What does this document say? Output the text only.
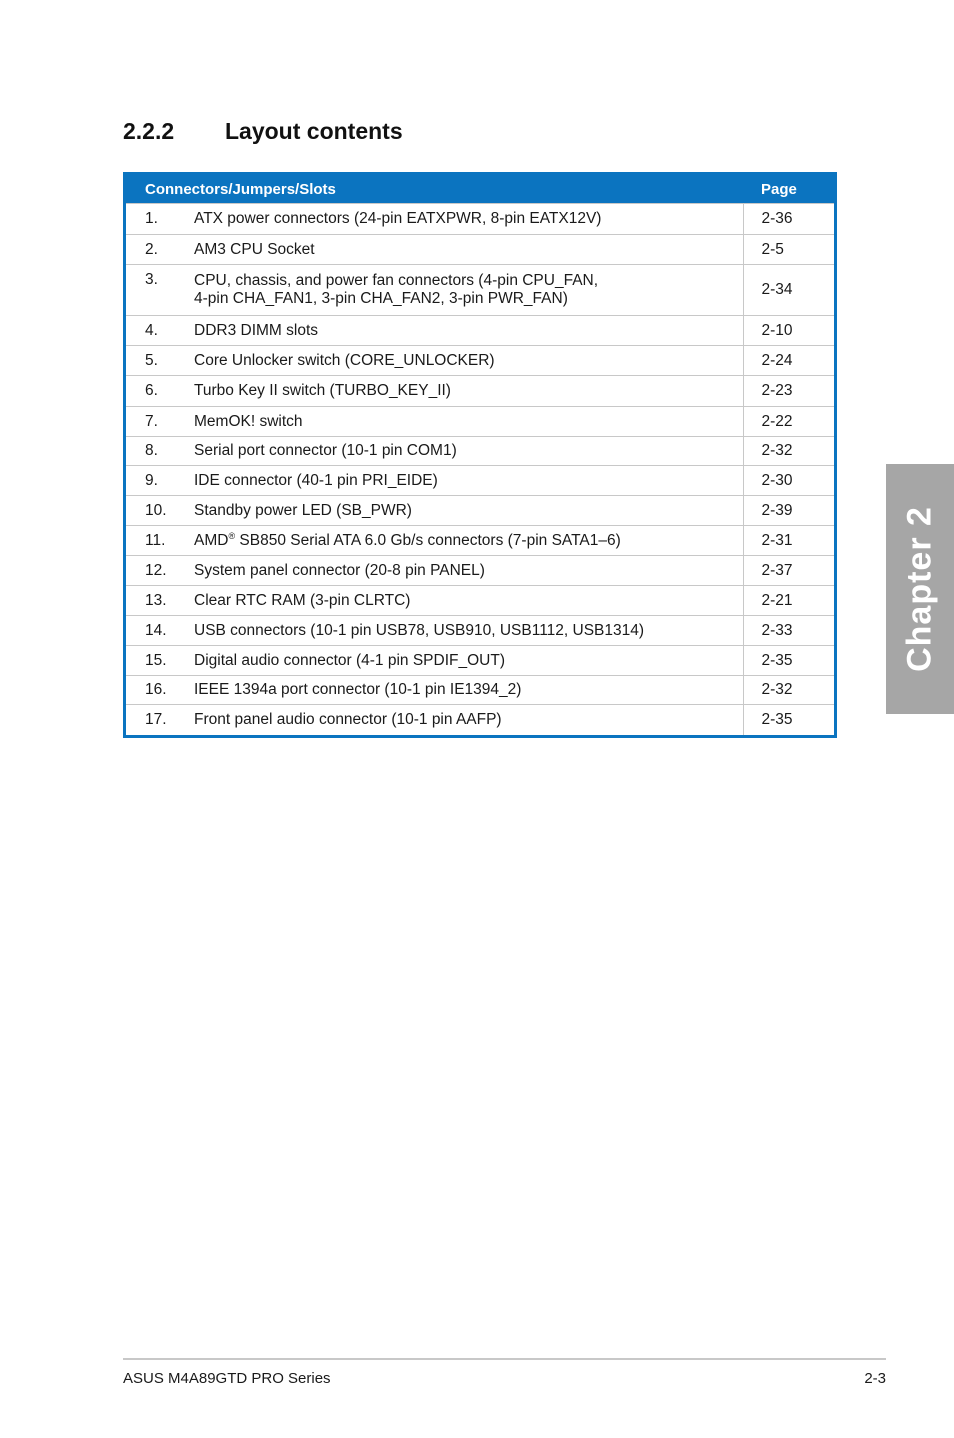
2.2.2 Layout contents
Connectors/Jumpers/Slots		Page
1.	ATX power connectors (24-pin EATXPWR, 8-pin EATX12V)	2-36
2.	AM3 CPU Socket	2-5
3.	CPU, chassis, and power fan connectors (4-pin CPU_FAN,
4-pin CHA_FAN1, 3-pin CHA_FAN2, 3-pin PWR_FAN)	2-34
4.	DDR3 DIMM slots	2-10
5.	Core Unlocker switch (CORE_UNLOCKER)	2-24
6.	Turbo Key II switch (TURBO_KEY_II)	2-23
7.	MemOK! switch	2-22
8.	Serial port connector (10-1 pin COM1)	2-32
9.	IDE connector (40-1 pin PRI_EIDE)	2-30
10.	Standby power LED (SB_PWR)	2-39
11.	AMD® SB850 Serial ATA 6.0 Gb/s connectors (7-pin SATA1–6)	2-31
12.	System panel connector (20-8 pin PANEL)	2-37
13.	Clear RTC RAM (3-pin CLRTC)	2-21
14.	USB connectors (10-1 pin USB78, USB910, USB1112, USB1314)	2-33
15.	Digital audio connector (4-1 pin SPDIF_OUT)	2-35
16.	IEEE 1394a port connector (10-1 pin IE1394_2)	2-32
17.	Front panel audio connector (10-1 pin AAFP)	2-35
Chapter 2
ASUS M4A89GTD PRO Series	2-3
